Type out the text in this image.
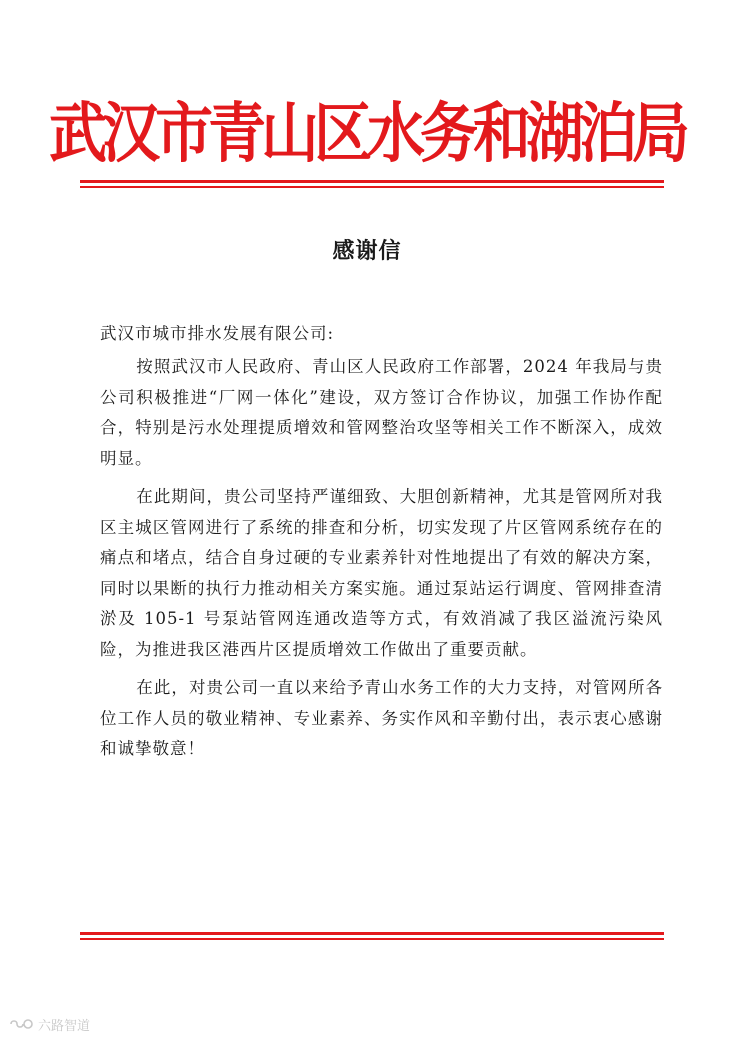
武汉市青山区水务和湖泊局
感谢信
武汉市城市排水发展有限公司:

按照武汉市人民政府、青山区人民政府工作部署，2024 年我局与贵公司积极推进“厂网一体化”建设，双方签订合作协议，加强工作协作配合，特别是污水处理提质增效和管网整治攻坚等相关工作不断深入，成效明显。

在此期间，贵公司坚持严谨细致、大胆创新精神，尤其是管网所对我区主城区管网进行了系统的排查和分析，切实发现了片区管网系统存在的痛点和堵点，结合自身过硬的专业素养针对性地提出了有效的解决方案，同时以果断的执行力推动相关方案实施。通过泵站运行调度、管网排查清淤及 105-1 号泵站管网连通改造等方式，有效消减了我区溢流污染风险，为推进我区港西片区提质增效工作做出了重要贡献。

在此，对贵公司一直以来给予青山水务工作的大力支持，对管网所各位工作人员的敬业精神、专业素养、务实作风和辛勤付出，表示衷心感谢和诚挚敬意！

六路智道
